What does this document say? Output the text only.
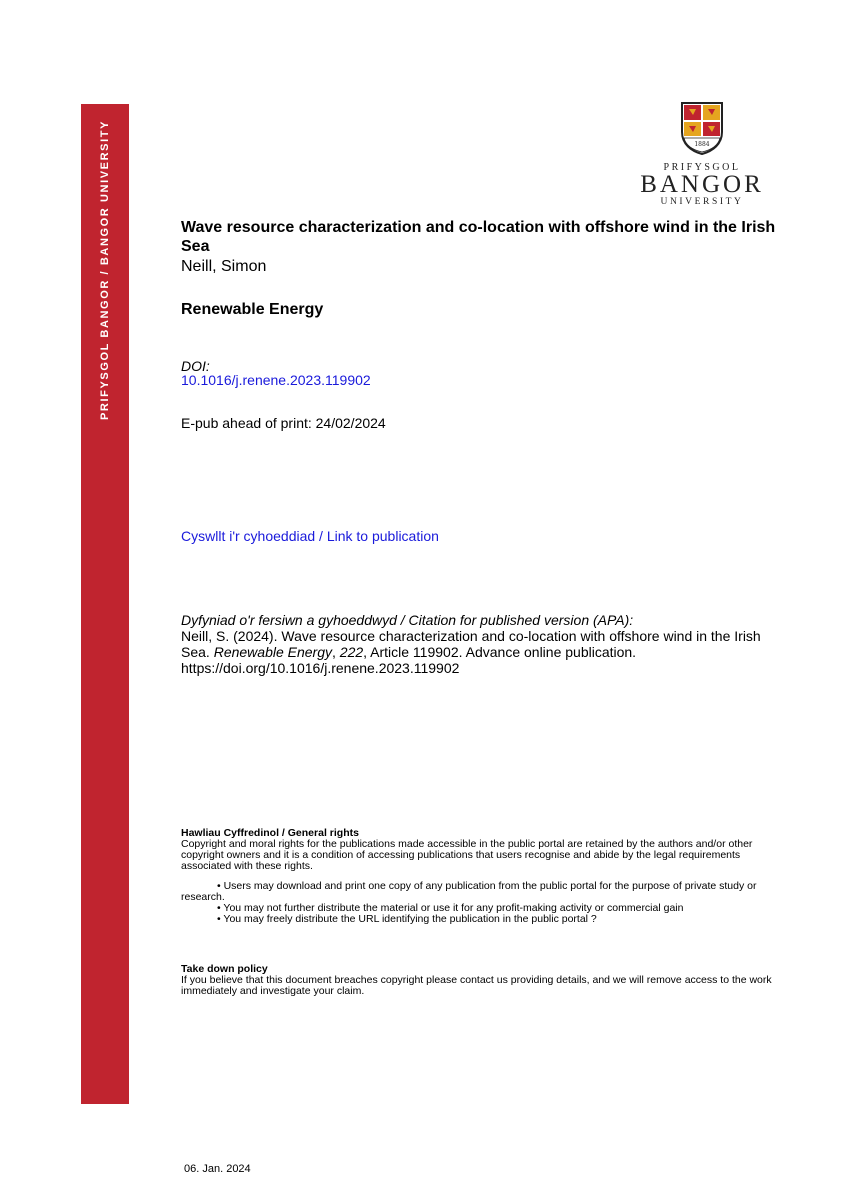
PRIFYSGOL BANGOR / BANGOR UNIVERSITY	1884
PRIFYSGOL
BANGOR
UNIVERSITY
Wave resource characterization and co-location with offshore wind in the Irish Sea
Neill, Simon
Renewable Energy
DOI:
10.1016/j.renene.2023.119902
E-pub ahead of print: 24/02/2024
Cyswllt i'r cyhoeddiad / Link to publication
Dyfyniad o'r fersiwn a gyhoeddwyd / Citation for published version (APA):
Neill, S. (2024). Wave resource characterization and co-location with offshore wind in the Irish Sea. Renewable Energy, 222, Article 119902. Advance online publication. https://doi.org/10.1016/j.renene.2023.119902
Hawliau Cyffredinol / General rights
Copyright and moral rights for the publications made accessible in the public portal are retained by the authors and/or other copyright owners and it is a condition of accessing publications that users recognise and abide by the legal requirements associated with these rights.
• Users may download and print one copy of any publication from the public portal for the purpose of private study or research.
• You may not further distribute the material or use it for any profit-making activity or commercial gain
• You may freely distribute the URL identifying the publication in the public portal ?
Take down policy
If you believe that this document breaches copyright please contact us providing details, and we will remove access to the work immediately and investigate your claim.
06. Jan. 2024
